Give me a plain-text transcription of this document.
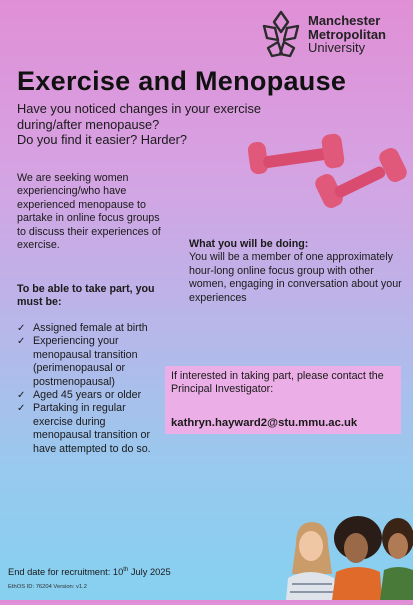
Manchester
Metropolitan
University
Exercise and Menopause
Have you noticed changes in your exercise during/after menopause?
Do you find it easier? Harder?
We are seeking women experiencing/who have experienced menopause to partake in online focus groups to discuss their experiences of exercise.	What you will be doing:
You will be a member of one approximately hour-long online focus group with other women, engaging in conversation about your experiences
To be able to take part, you must be:
✓ Assigned female at birth
✓ Experiencing your menopausal transition (perimenopausal or postmenopausal)
✓ Aged 45 years or older
✓ Partaking in regular exercise during menopausal transition or have attempted to do so.
If interested in taking part, please contact the Principal Investigator:
kathryn.hayward2@stu.mmu.ac.uk
End date for recruitment: 10th July 2025
EthOS ID: 76204 Version: v1.2
